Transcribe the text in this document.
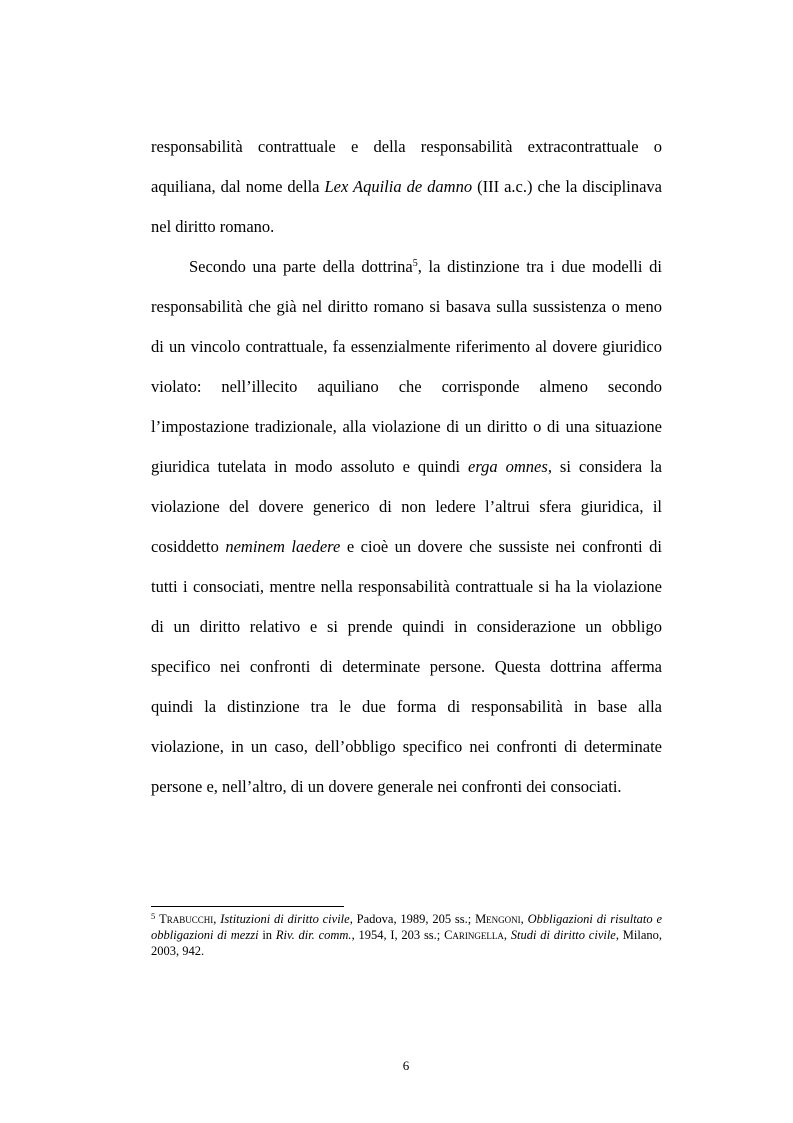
responsabilità contrattuale e della responsabilità extracontrattuale o aquiliana, dal nome della Lex Aquilia de damno (III a.c.) che la disciplinava nel diritto romano.

Secondo una parte della dottrina$^5$, la distinzione tra i due modelli di responsabilità che già nel diritto romano si basava sulla sussistenza o meno di un vincolo contrattuale, fa essenzialmente riferimento al dovere giuridico violato: nell’illecito aquiliano che corrisponde almeno secondo l’impostazione tradizionale, alla violazione di un diritto o di una situazione giuridica tutelata in modo assoluto e quindi erga omnes, si considera la violazione del dovere generico di non ledere l’altrui sfera giuridica, il cosiddetto neminem laedere e cioè un dovere che sussiste nei confronti di tutti i consociati, mentre nella responsabilità contrattuale si ha la violazione di un diritto relativo e si prende quindi in considerazione un obbligo specifico nei confronti di determinate persone. Questa dottrina afferma quindi la distinzione tra le due forma di responsabilità in base alla violazione, in un caso, dell’obbligo specifico nei confronti di determinate persone e, nell’altro, di un dovere generale nei confronti dei consociati.

$^5$ Trabucchi, Istituzioni di diritto civile, Padova, 1989, 205 ss.; Mengoni, Obbligazioni di risultato e obbligazioni di mezzi in Riv. dir. comm., 1954, I, 203 ss.; Caringella, Studi di diritto civile, Milano, 2003, 942.
6
